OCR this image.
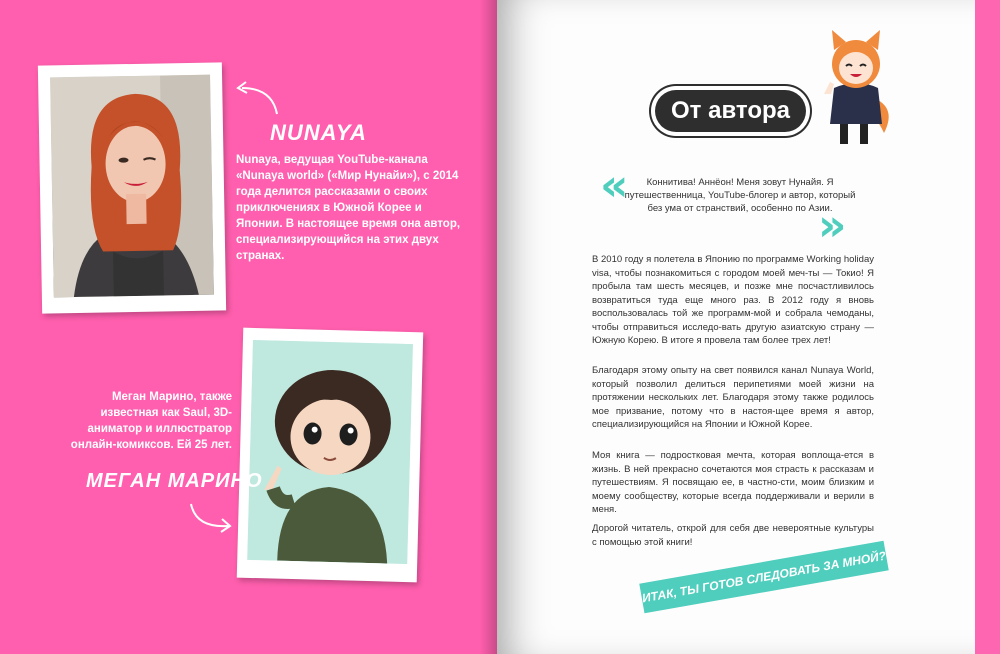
NUNAYA
Nunaya, ведущая YouTube-канала «Nunaya world» («Мир Нунайи»), с 2014 года делится рассказами о своих приключениях в Южной Корее и Японии. В настоящее время она автор, специализирующийся на этих двух странах.
Меган Марино, также известная как Saul, 3D-аниматор и иллюстратор онлайн-комиксов. Ей 25 лет.
МЕГАН МАРИНО
От автора
«	Коннитива! Аннёон! Меня зовут Нунайя. Я путешественница, YouTube-блогер и автор, который без ума от странствий, особенно по Азии.
»
В 2010 году я полетела в Японию по программе Working holiday visa, чтобы познакомиться с городом моей меч-ты — Токио! Я пробыла там шесть месяцев, и позже мне посчастливилось возвратиться туда еще много раз. В 2012 году я вновь воспользовалась той же программ-мой и собрала чемоданы, чтобы отправиться исследо-вать другую азиатскую страну — Южную Корею. В итоге я провела там более трех лет!
Благодаря этому опыту на свет появился канал Nunaya World, который позволил делиться перипетиями моей жизни на протяжении нескольких лет. Благодаря этому также родилось мое призвание, потому что в настоя-щее время я автор, специализирующийся на Японии и Южной Корее.
Моя книга — подростковая мечта, которая воплоща-ется в жизнь. В ней прекрасно сочетаются моя страсть к рассказам и путешествиям. Я посвящаю ее, в частно-сти, моим близким и моему сообществу, которые всегда поддерживали и верили в меня.
Дорогой читатель, открой для себя две невероятные культуры с помощью этой книги!
ИТАК, ТЫ ГОТОВ СЛЕДОВАТЬ ЗА МНОЙ?
